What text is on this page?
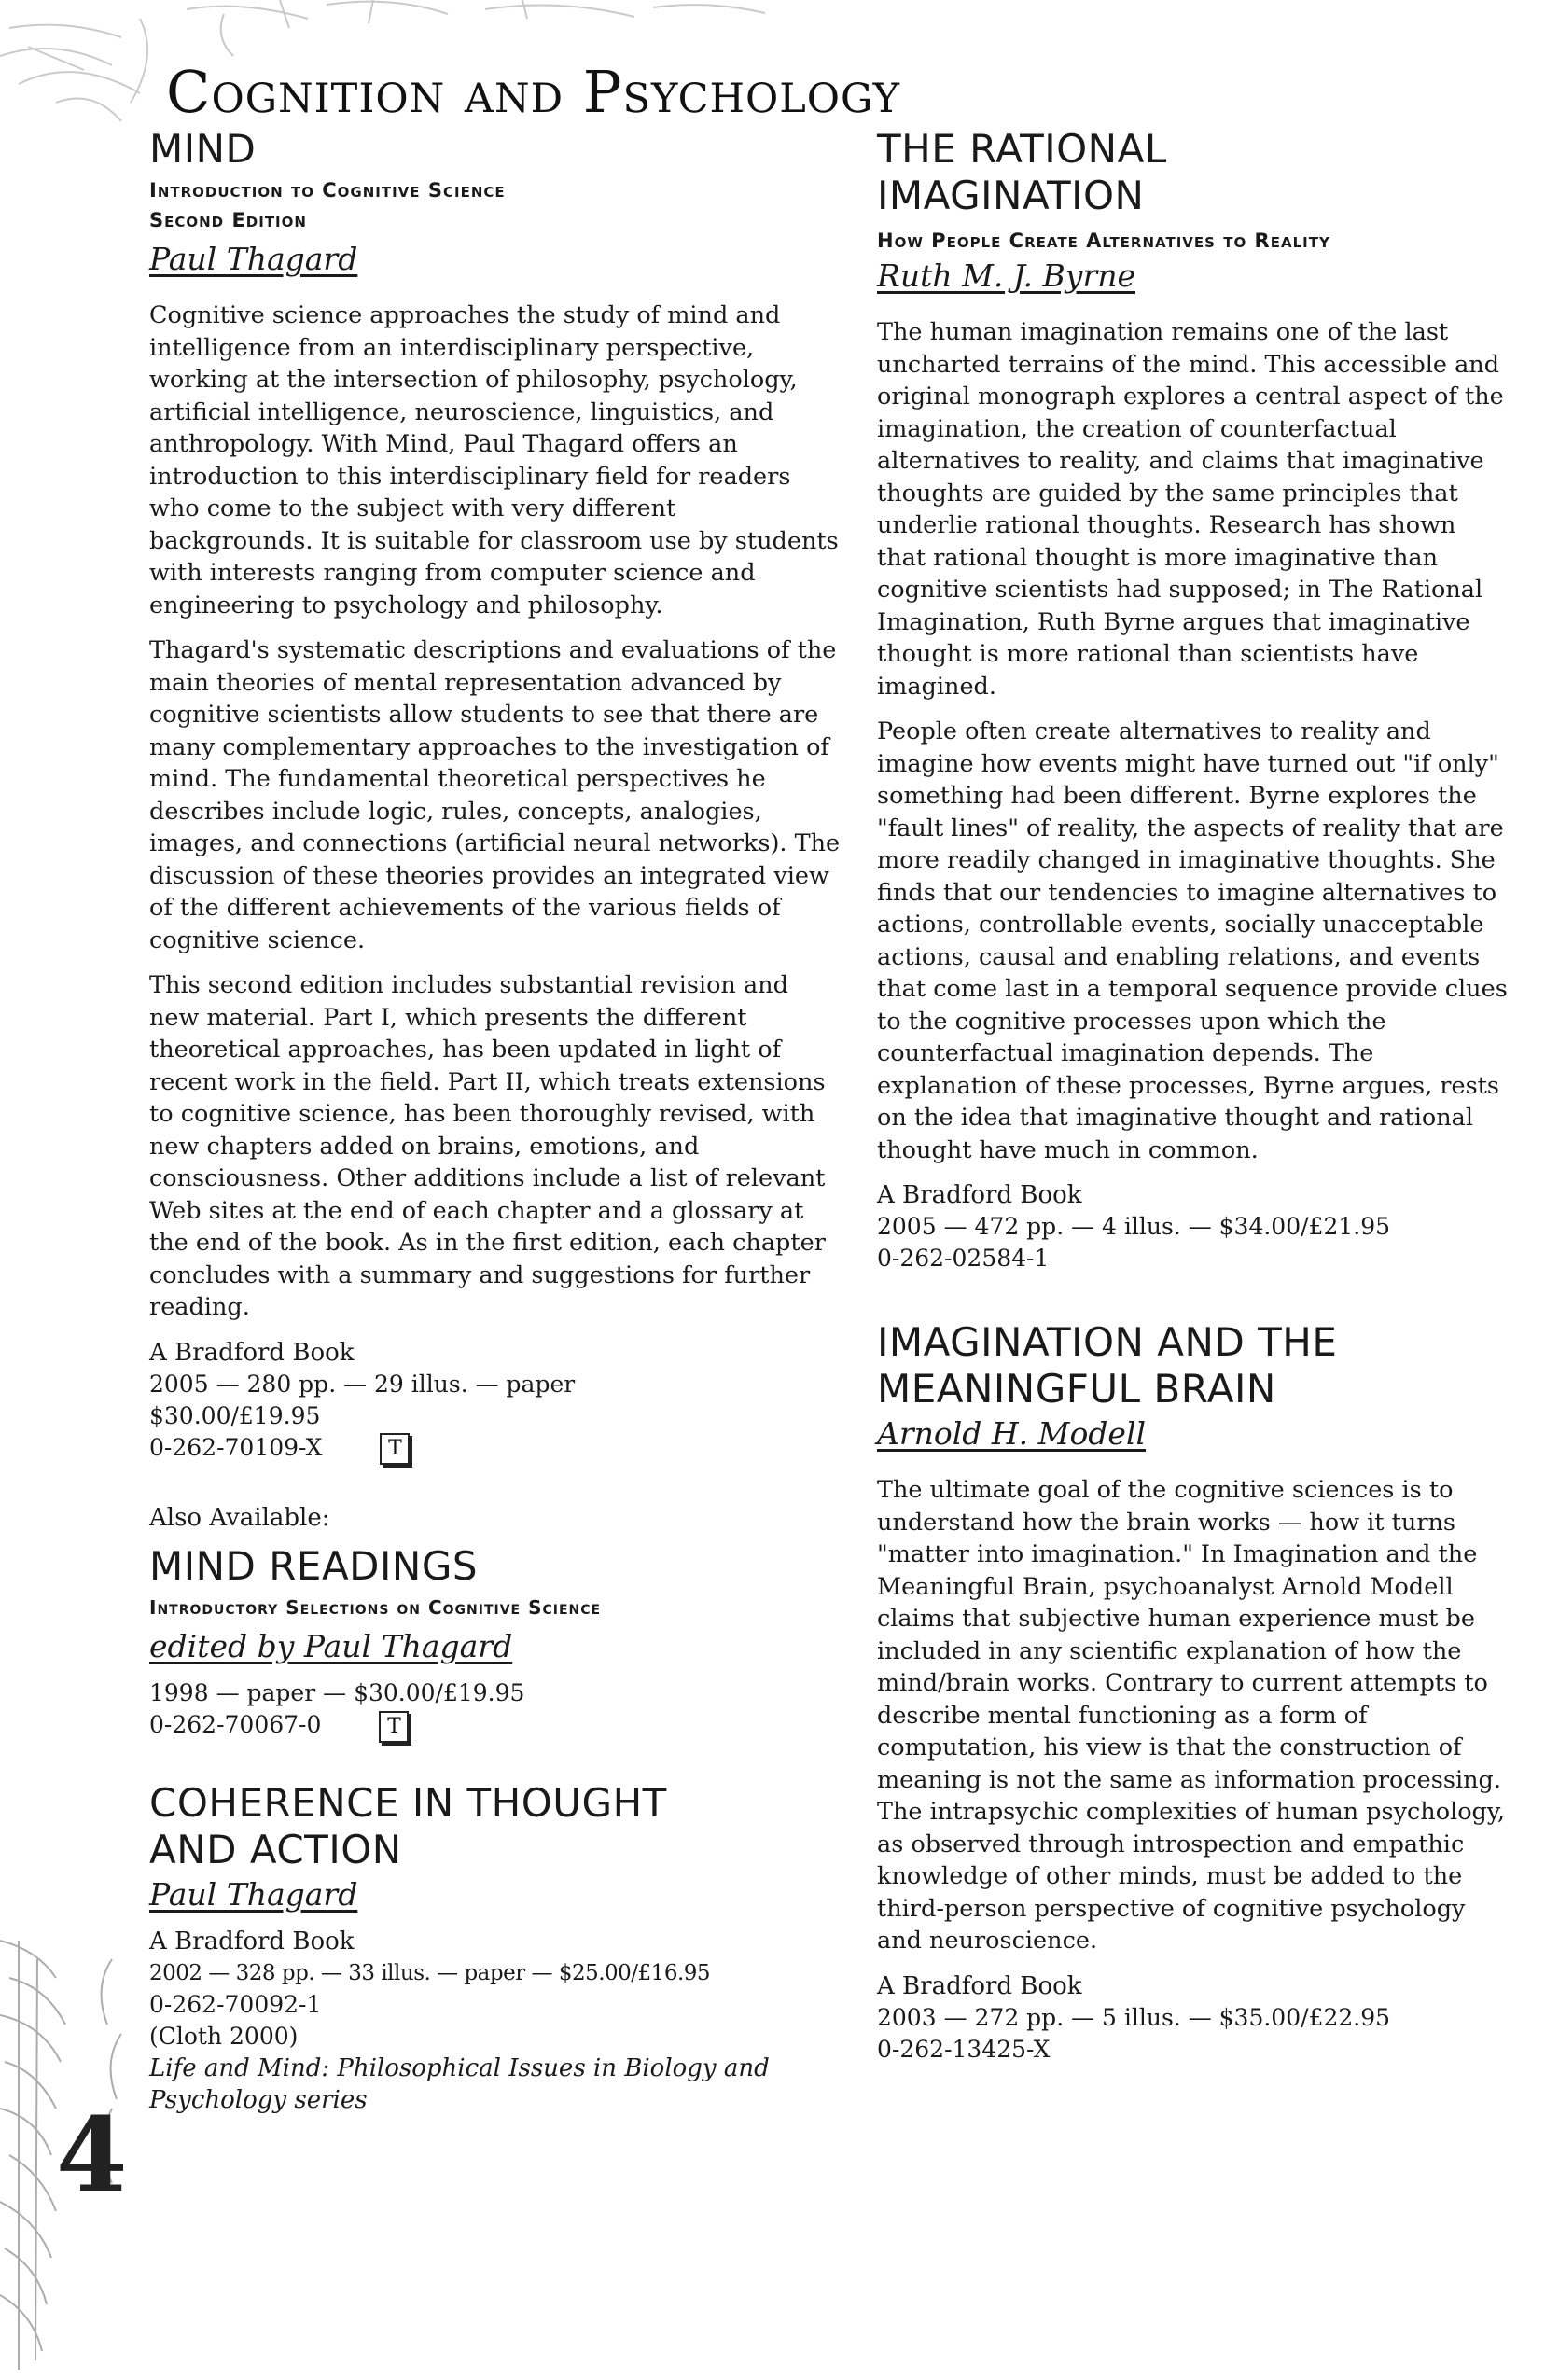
4
Cognition and Psychology
MIND

Introduction to Cognitive Science

Second Edition

Paul Thagard

Cognitive science approaches the study of mind and intelligence from an interdisciplinary perspective, working at the intersection of philosophy, psychology, artificial intelligence, neuroscience, linguistics, and anthropology. With Mind, Paul Thagard offers an introduction to this interdisciplinary field for readers who come to the subject with very different backgrounds. It is suitable for classroom use by students with interests ranging from computer science and engineering to psychology and philosophy.

Thagard's systematic descriptions and evaluations of the main theories of mental representation advanced by cognitive scientists allow students to see that there are many complementary approaches to the investigation of mind. The fundamental theoretical perspectives he describes include logic, rules, concepts, analogies, images, and connections (artificial neural networks). The discussion of these theories provides an integrated view of the different achievements of the various fields of cognitive science.

This second edition includes substantial revision and new material. Part I, which presents the different theoretical approaches, has been updated in light of recent work in the field. Part II, which treats extensions to cognitive science, has been thoroughly revised, with new chapters added on brains, emotions, and consciousness. Other additions include a list of relevant Web sites at the end of each chapter and a glossary at the end of the book. As in the first edition, each chapter concludes with a summary and suggestions for further reading.

A Bradford Book

2005 — 280 pp. — 29 illus. — paper

$30.00/£19.95

0-262-70109-X	T

Also Available:

MIND READINGS

Introductory Selections on Cognitive Science

edited by Paul Thagard

1998 — paper — $30.00/£19.95

0-262-70067-0	T

COHERENCE IN THOUGHT
AND ACTION
Paul Thagard

A Bradford Book

2002 — 328 pp. — 33 illus. — paper — $25.00/£16.95

0-262-70092-1

(Cloth 2000)

Life and Mind: Philosophical Issues in Biology and Psychology series

THE RATIONAL
IMAGINATION

How People Create Alternatives to Reality

Ruth M. J. Byrne

The human imagination remains one of the last uncharted terrains of the mind. This accessible and original monograph explores a central aspect of the imagination, the creation of counterfactual alternatives to reality, and claims that imaginative thoughts are guided by the same principles that underlie rational thoughts. Research has shown that rational thought is more imaginative than cognitive scientists had supposed; in The Rational Imagination, Ruth Byrne argues that imaginative thought is more rational than scientists have imagined.

People often create alternatives to reality and imagine how events might have turned out "if only" something had been different. Byrne explores the "fault lines" of reality, the aspects of reality that are more readily changed in imaginative thoughts. She finds that our tendencies to imagine alternatives to actions, controllable events, socially unacceptable actions, causal and enabling relations, and events that come last in a temporal sequence provide clues to the cognitive processes upon which the counterfactual imagination depends. The explanation of these processes, Byrne argues, rests on the idea that imaginative thought and rational thought have much in common.

A Bradford Book

2005 — 472 pp. — 4 illus. — $34.00/£21.95

0-262-02584-1

IMAGINATION AND THE
MEANINGFUL BRAIN
Arnold H. Modell

The ultimate goal of the cognitive sciences is to understand how the brain works — how it turns "matter into imagination." In Imagination and the Meaningful Brain, psychoanalyst Arnold Modell claims that subjective human experience must be included in any scientific explanation of how the mind/brain works. Contrary to current attempts to describe mental functioning as a form of computation, his view is that the construction of meaning is not the same as information processing. The intrapsychic complexities of human psychology, as observed through introspection and empathic knowledge of other minds, must be added to the third-person perspective of cognitive psychology and neuroscience.

A Bradford Book

2003 — 272 pp. — 5 illus. — $35.00/£22.95

0-262-13425-X
